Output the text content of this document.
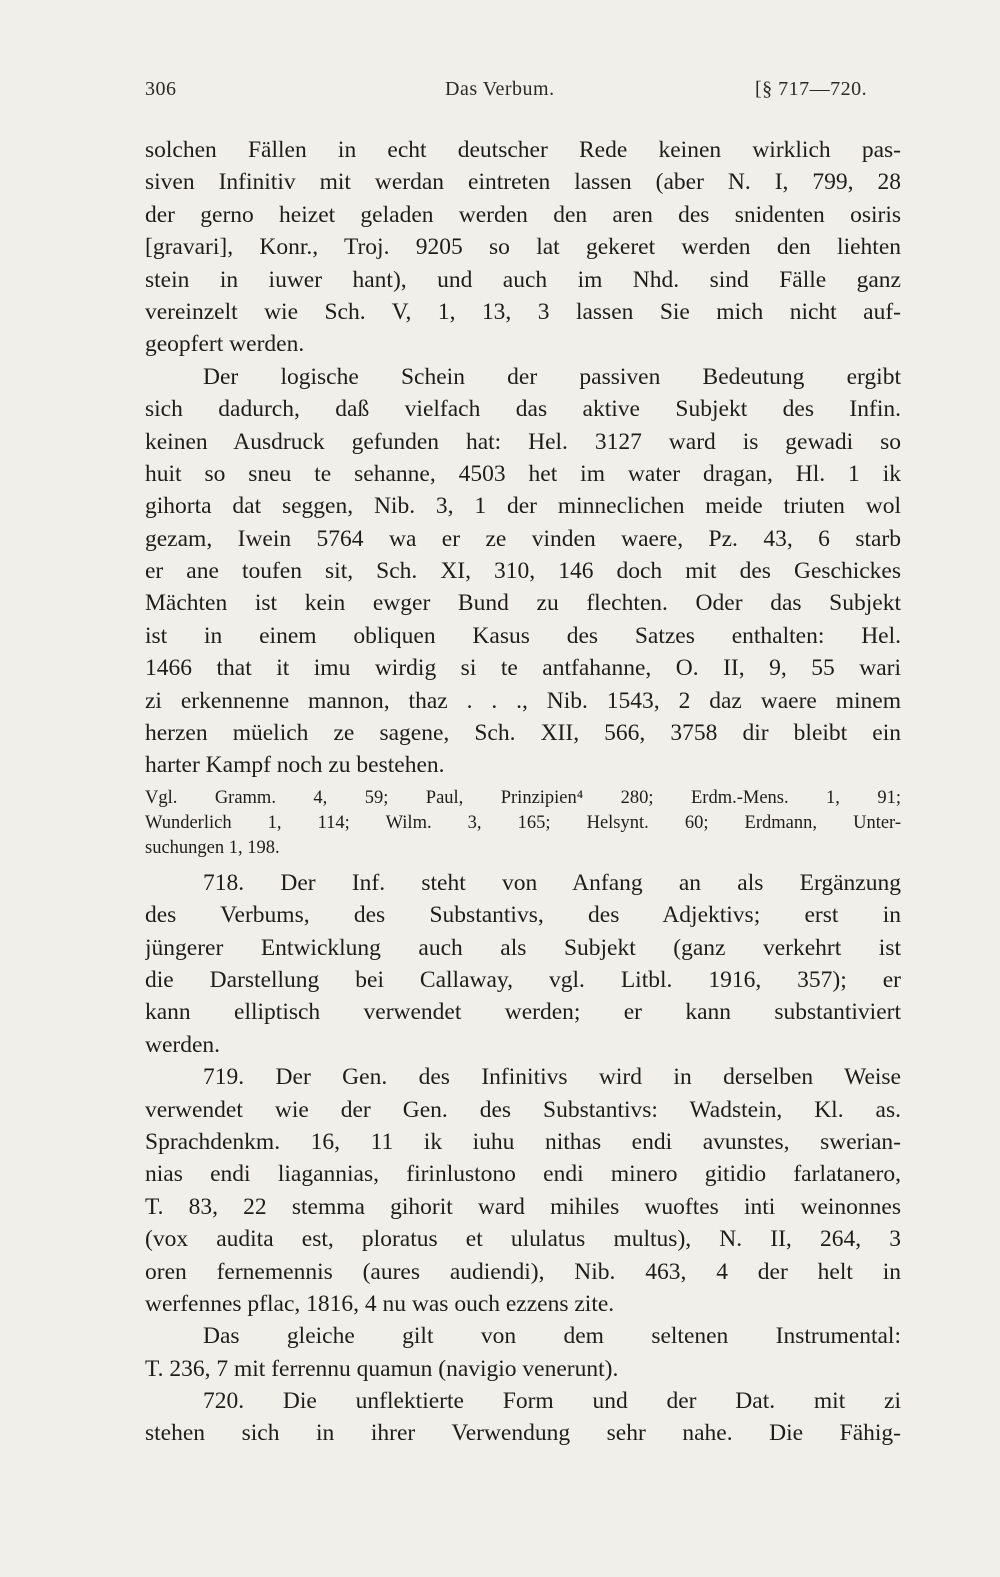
306	Das Verbum.	[§ 717—720.
solchen Fällen in echt deutscher Rede keinen wirklich pas-
siven Infinitiv mit werdan eintreten lassen (aber N. I, 799, 28
der gerno heizet geladen werden den aren des snidenten osiris
[gravari], Konr., Troj. 9205 so lat gekeret werden den liehten
stein in iuwer hant), und auch im Nhd. sind Fälle ganz
vereinzelt wie Sch. V, 1, 13, 3 lassen Sie mich nicht auf-
geopfert werden.
Der logische Schein der passiven Bedeutung ergibt
sich dadurch, daß vielfach das aktive Subjekt des Infin.
keinen Ausdruck gefunden hat: Hel. 3127 ward is gewadi so
huit so sneu te sehanne, 4503 het im water dragan, Hl. 1 ik
gihorta dat seggen, Nib. 3, 1 der minneclichen meide triuten wol
gezam, Iwein 5764 wa er ze vinden waere, Pz. 43, 6 starb
er ane toufen sit, Sch. XI, 310, 146 doch mit des Geschickes
Mächten ist kein ewger Bund zu flechten. Oder das Subjekt
ist in einem obliquen Kasus des Satzes enthalten: Hel.
1466 that it imu wirdig si te antfahanne, O. II, 9, 55 wari
zi erkennenne mannon, thaz . . ., Nib. 1543, 2 daz waere minem
herzen müelich ze sagene, Sch. XII, 566, 3758 dir bleibt ein
harter Kampf noch zu bestehen.
Vgl. Gramm. 4, 59; Paul, Prinzipien⁴ 280; Erdm.-Mens. 1, 91;
Wunderlich 1, 114; Wilm. 3, 165; Helsynt. 60; Erdmann, Unter-
suchungen 1, 198.
718. Der Inf. steht von Anfang an als Ergänzung
des Verbums, des Substantivs, des Adjektivs; erst in
jüngerer Entwicklung auch als Subjekt (ganz verkehrt ist
die Darstellung bei Callaway, vgl. Litbl. 1916, 357); er
kann elliptisch verwendet werden; er kann substantiviert
werden.
719. Der Gen. des Infinitivs wird in derselben Weise
verwendet wie der Gen. des Substantivs: Wadstein, Kl. as.
Sprachdenkm. 16, 11 ik iuhu nithas endi avunstes, swerian-
nias endi liagannias, firinlustono endi minero gitidio farlatanero,
T. 83, 22 stemma gihorit ward mihiles wuoftes inti weinonnes
(vox audita est, ploratus et ululatus multus), N. II, 264, 3
oren fernemennis (aures audiendi), Nib. 463, 4 der helt in
werfennes pflac, 1816, 4 nu was ouch ezzens zite.
Das gleiche gilt von dem seltenen Instrumental:
T. 236, 7 mit ferrennu quamun (navigio venerunt).
720. Die unflektierte Form und der Dat. mit zi
stehen sich in ihrer Verwendung sehr nahe. Die Fähig-
